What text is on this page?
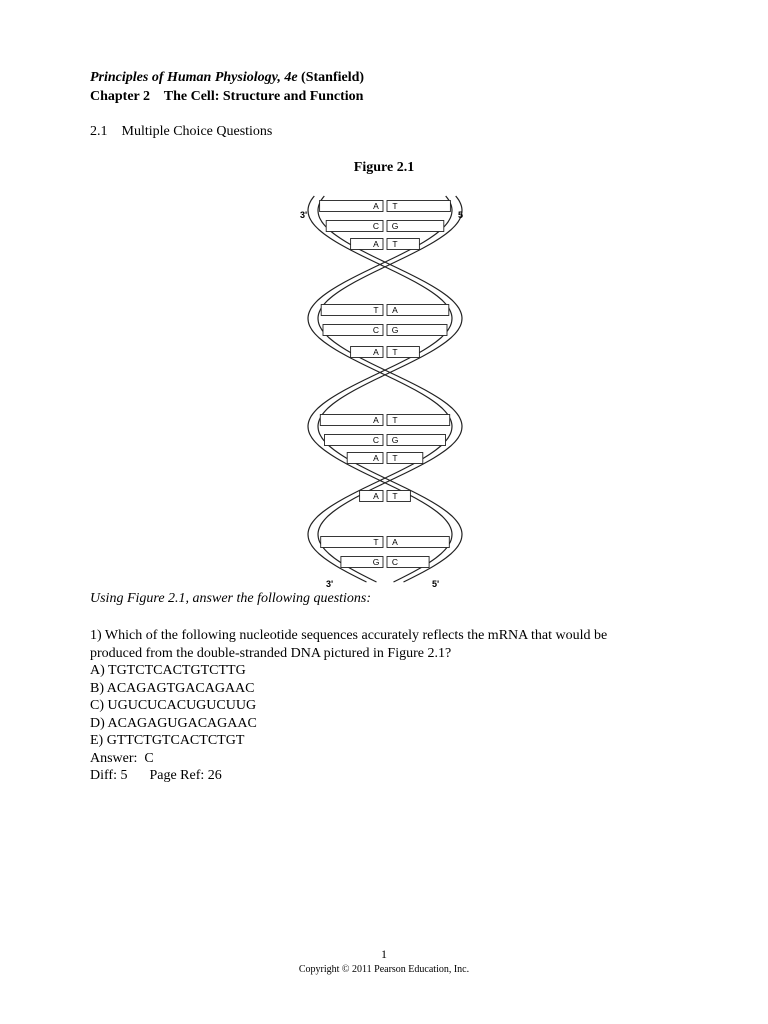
Principles of Human Physiology, 4e (Stanfield)

Chapter 2    The Cell: Structure and Function

2.1    Multiple Choice Questions

Figure 2.1

A T
C G
A T
T A
C G
A T
A T
C G
A T
A T
T A
G C
3'	5
3'	5'

Using Figure 2.1, answer the following questions:

1) Which of the following nucleotide sequences accurately reflects the mRNA that would be
produced from the double-stranded DNA pictured in Figure 2.1?
A) TGTCTCACTGTCTTG
B) ACAGAGTGACAGAAC
C) UGUCUCACUGUCUUG
D) ACAGAGUGACAGAAC
E) GTTCTGTCACTCTGT
Answer:  C
Diff: 5 Page Ref: 26

1

Copyright © 2011 Pearson Education, Inc.
